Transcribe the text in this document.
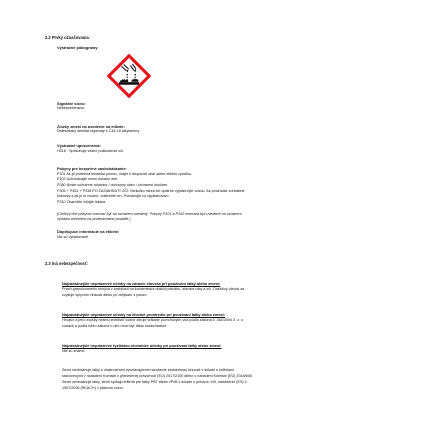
2.2 Prvky označovania:
Výstražné piktogramy:
Signálne slovo:
Nebezpečenstvo
Zložky zmesi na uvedenie na etikete:
Ďalekotlaký destilát vápenatý s C16-18 alkylamíny.
Výstražné upozornenia:
H318 · Spôsobuje vážne poškodenie očí.
Pokyny pre bezpečné zaobchádzanie:
P101 Ak je potrebná lekárska pomoc, majte k dispozícii obal alebo etiketu výrobku.
P102 Uchovávajte mimo dosahu detí.
P280 Noste ochranné rukavice / ochranný odev / ochranné okuliare.
P305 + P351 + P338 PO ZASIAHNUTÍ OČÍ: Niekoľko minút ich opatrne vyplachujte vodou. Ak používate kontaktné
šošovky a ak je to možné, odstráňte ich. Pokračujte vo vyplachovaní.
P310 Okamžite volajte lekára.
(Cieľový text pokynov nemusí byť na označení uvedený. Pokyny P101 a P102 nemusia byť uvedené na označení
výrobku určeného na profesionálne použitie.)
Doplňujúce informácie na etikete:
Nie sú vyžadované
2.3 Iná nebezpečnosť:
Najzávažnejšie nepriaznivé účinky na zdravie človeka pri používaní látky alebo zmesi:
Prach granulovaného hnojiva v závislosti na koncentrácii dráždi pokožku, sliznice ústy a očí. Dráždivý účinok sa
zvyšuje vplyvom vlhkosti alebo pri dotykaní s potom.
Najzávažnejšie nepriaznivé účinky na životné prostredie pri používaní látky alebo zmesi:
Hnojivo a jeho zvyšky nesmú znečistiť vodné zdroje vrátane povrchových vôd podľa zákona č. 364/2004 Z. z. o
vodách a podľa tohto zákona o nim musí byť takto zaobchádzať.
Najzávažnejšie nepriaznivé fyzikálno-chemické účinky pri používaní látky alebo zmesi:
Nie sú známe.
Zmes neobsahuje látky s vlastnosťami vyvolávajúcimi narušenie endokrinnej činnosti v súlade s kritériami
stanovenými v nariadení Komisie v prenesenej právomoci (EÚ) 2017/2100 alebo v nariadení Komisie (EÚ) 2018/605.
Zmes neobsahuje látky, ktoré spĺňajú kritériá pre látky PBT alebo vPvB v súlade s prílohou XIII, nariadenie (ES) č.
1907/2006 (REACH) v platnom znení.
